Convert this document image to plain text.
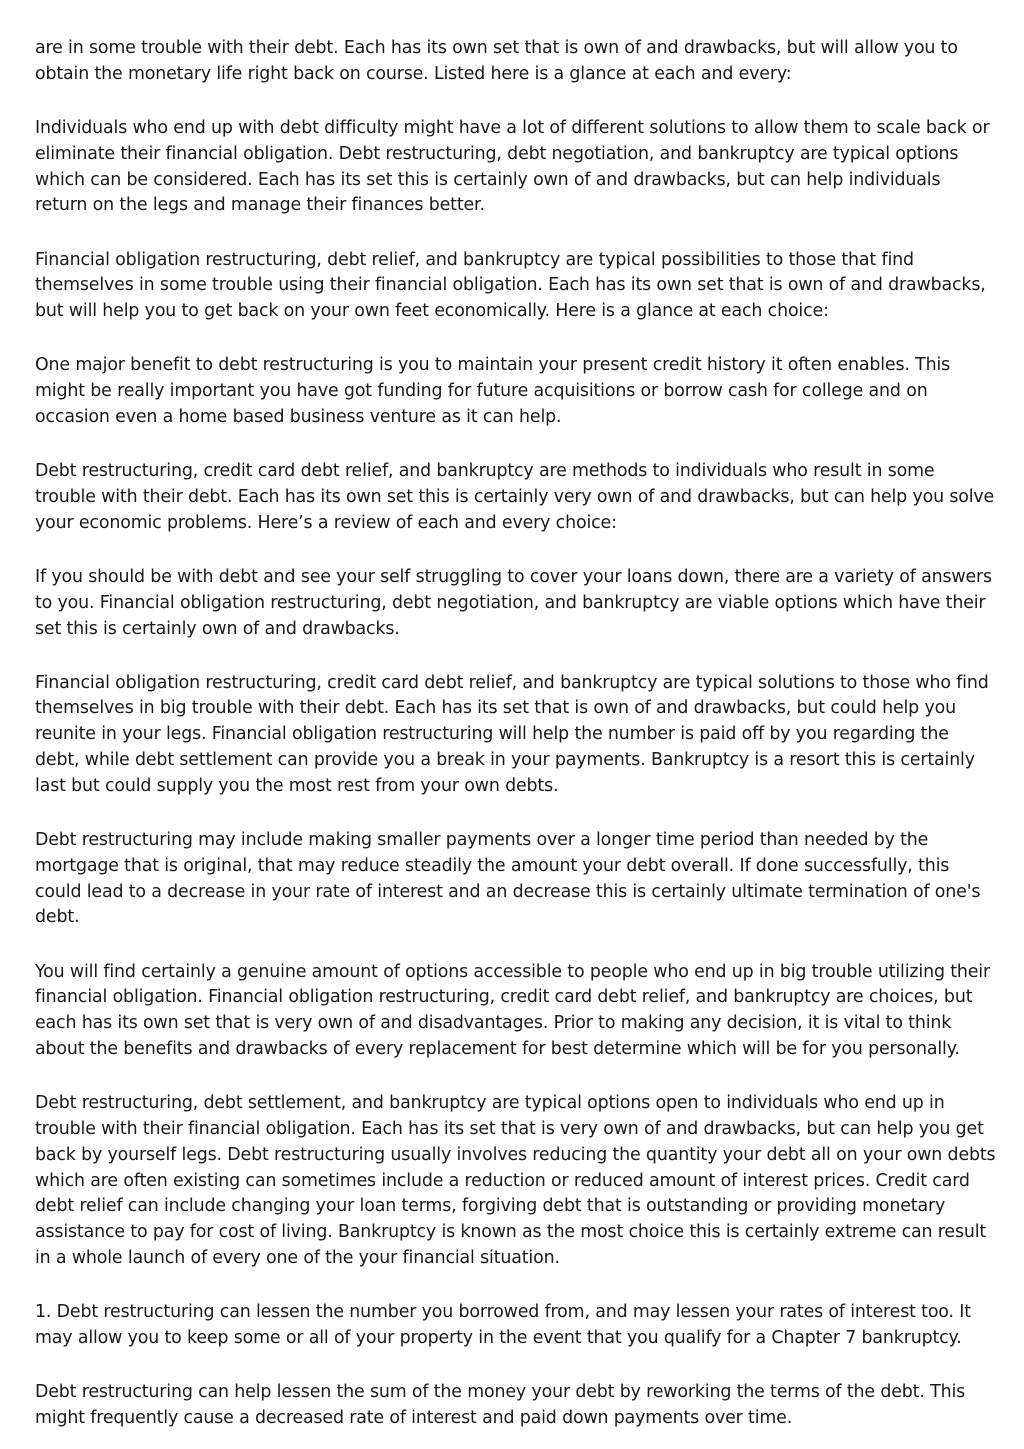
are in some trouble with their debt. Each has its own set that is own of and drawbacks, but will allow you to obtain the monetary life right back on course. Listed here is a glance at each and every:

Individuals who end up with debt difficulty might have a lot of different solutions to allow them to scale back or eliminate their financial obligation. Debt restructuring, debt negotiation, and bankruptcy are typical options which can be considered. Each has its set this is certainly own of and drawbacks, but can help individuals return on the legs and manage their finances better.

Financial obligation restructuring, debt relief, and bankruptcy are typical possibilities to those that find themselves in some trouble using their financial obligation. Each has its own set that is own of and drawbacks, but will help you to get back on your own feet economically. Here is a glance at each choice:

One major benefit to debt restructuring is you to maintain your present credit history it often enables. This might be really important you have got funding for future acquisitions or borrow cash for college and on occasion even a home based business venture as it can help.

Debt restructuring, credit card debt relief, and bankruptcy are methods to individuals who result in some trouble with their debt. Each has its own set this is certainly very own of and drawbacks, but can help you solve your economic problems. Here’s a review of each and every choice:

If you should be with debt and see your self struggling to cover your loans down, there are a variety of answers to you. Financial obligation restructuring, debt negotiation, and bankruptcy are viable options which have their set this is certainly own of and drawbacks.

Financial obligation restructuring, credit card debt relief, and bankruptcy are typical solutions to those who find themselves in big trouble with their debt. Each has its set that is own of and drawbacks, but could help you reunite in your legs. Financial obligation restructuring will help the number is paid off by you regarding the debt, while debt settlement can provide you a break in your payments. Bankruptcy is a resort this is certainly last but could supply you the most rest from your own debts.

Debt restructuring may include making smaller payments over a longer time period than needed by the mortgage that is original, that may reduce steadily the amount your debt overall. If done successfully, this could lead to a decrease in your rate of interest and an decrease this is certainly ultimate termination of one's debt.

You will find certainly a genuine amount of options accessible to people who end up in big trouble utilizing their financial obligation. Financial obligation restructuring, credit card debt relief, and bankruptcy are choices, but each has its own set that is very own of and disadvantages. Prior to making any decision, it is vital to think about the benefits and drawbacks of every replacement for best determine which will be for you personally.

Debt restructuring, debt settlement, and bankruptcy are typical options open to individuals who end up in trouble with their financial obligation. Each has its set that is very own of and drawbacks, but can help you get back by yourself legs. Debt restructuring usually involves reducing the quantity your debt all on your own debts which are often existing can sometimes include a reduction or reduced amount of interest prices. Credit card debt relief can include changing your loan terms, forgiving debt that is outstanding or providing monetary assistance to pay for cost of living. Bankruptcy is known as the most choice this is certainly extreme can result in a whole launch of every one of the your financial situation.

1. Debt restructuring can lessen the number you borrowed from, and may lessen your rates of interest too. It may allow you to keep some or all of your property in the event that you qualify for a Chapter 7 bankruptcy.

Debt restructuring can help lessen the sum of the money your debt by reworking the terms of the debt. This might frequently cause a decreased rate of interest and paid down payments over time.
